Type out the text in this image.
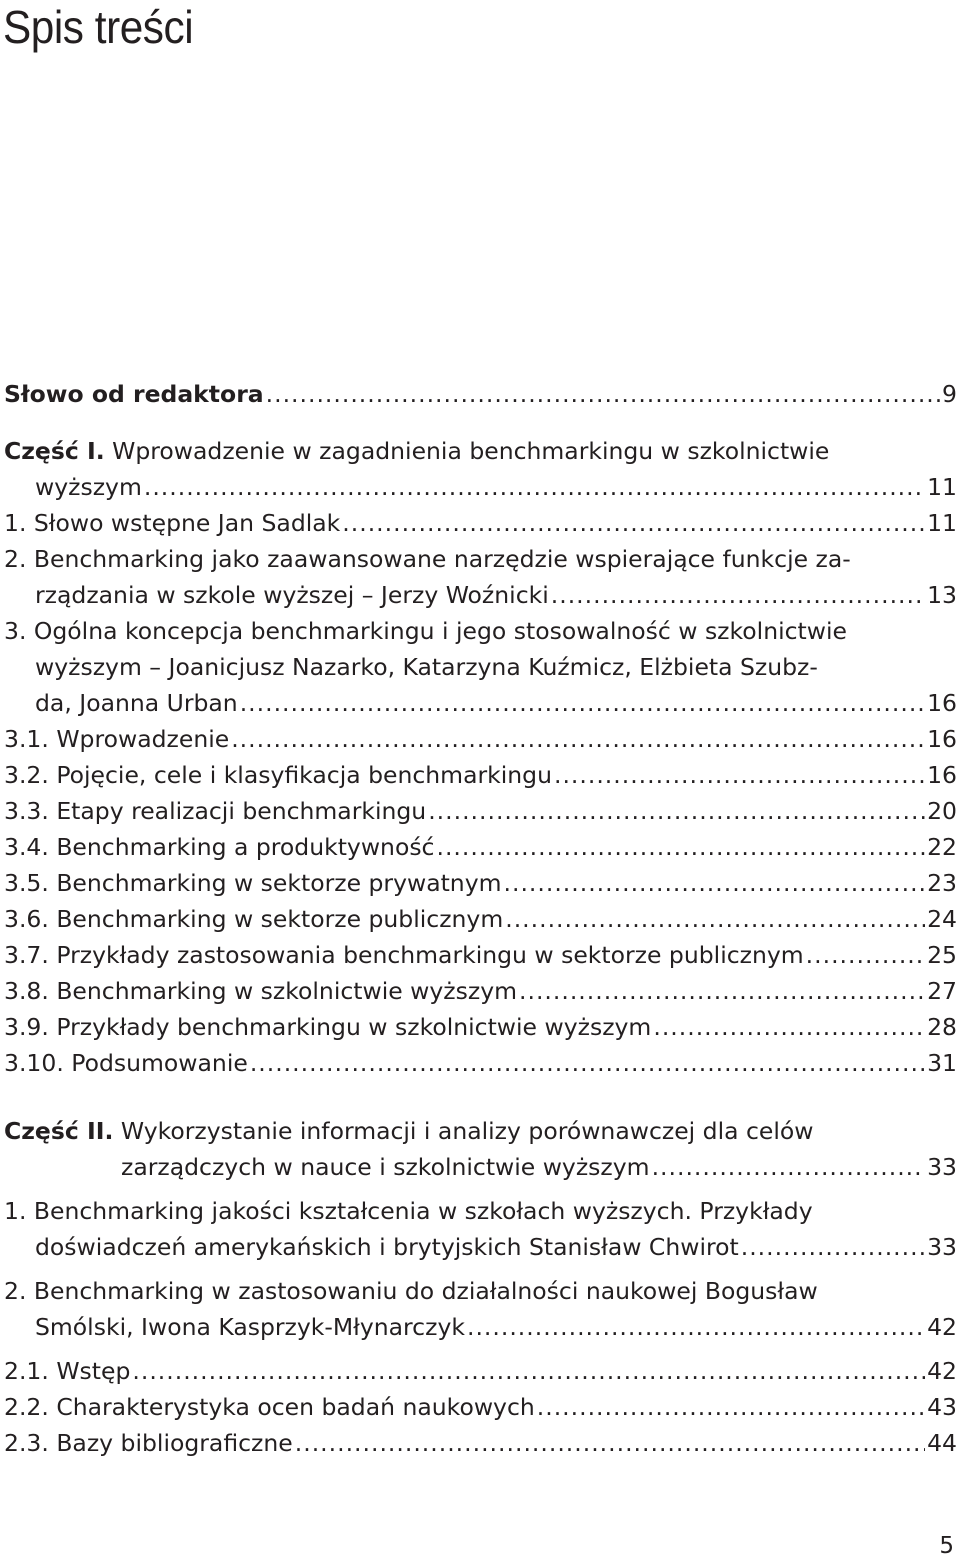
Spis treści
Słowo od redaktora .....	9
Część I. Wprowadzenie w zagadnienia benchmarkingu w szkolnictwie
wyższym .....	11
1. Słowo wstępne Jan Sadlak .....	11
2. Benchmarking jako zaawansowane narzędzie wspierające funkcje za-
rządzania w szkole wyższej – Jerzy Woźnicki .....	13
3. Ogólna koncepcja benchmarkingu i jego stosowalność w szkolnictwie
wyższym – Joanicjusz Nazarko, Katarzyna Kuźmicz, Elżbieta Szubz-
da, Joanna Urban .....	16
3.1. Wprowadzenie .....	16
3.2. Pojęcie, cele i klasyfikacja benchmarkingu .....	16
3.3. Etapy realizacji benchmarkingu .....	20
3.4. Benchmarking a produktywność .....	22
3.5. Benchmarking w sektorze prywatnym .....	23
3.6. Benchmarking w sektorze publicznym .....	24
3.7. Przykłady zastosowania benchmarkingu w sektorze publicznym .....	25
3.8. Benchmarking w szkolnictwie wyższym .....	27
3.9. Przykłady benchmarkingu w szkolnictwie wyższym .....	28
3.10. Podsumowanie .....	31
Część II. Wykorzystanie informacji i analizy porównawczej dla celów
zarządczych w nauce i szkolnictwie wyższym .....	33
1. Benchmarking jakości kształcenia w szkołach wyższych. Przykłady
doświadczeń amerykańskich i brytyjskich Stanisław Chwirot .....	33
2. Benchmarking w zastosowaniu do działalności naukowej Bogusław
Smólski, Iwona Kasprzyk-Młynarczyk .....	42
2.1. Wstęp .....	42
2.2. Charakterystyka ocen badań naukowych .....	43
2.3. Bazy bibliograficzne .....	44
5
